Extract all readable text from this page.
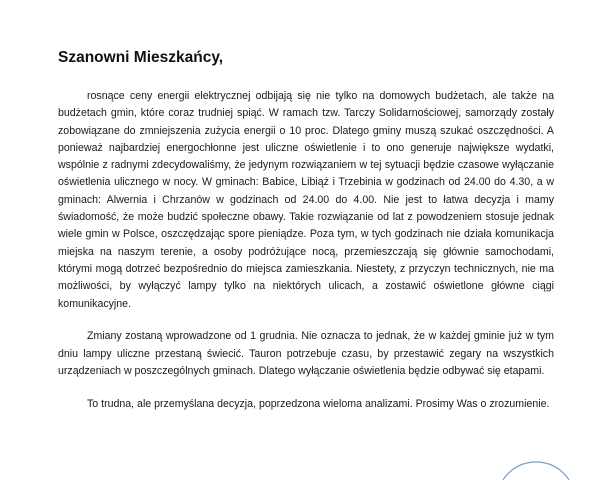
Szanowni Mieszkańcy,

rosnące ceny energii elektrycznej odbijają się nie tylko na domowych budżetach, ale także na budżetach gmin, które coraz trudniej spiąć. W ramach tzw. Tarczy Solidarnościowej, samorządy zostały zobowiązane do zmniejszenia zużycia energii o 10 proc. Dlatego gminy muszą szukać oszczędności. A ponieważ najbardziej energochłonne jest uliczne oświetlenie i to ono generuje największe wydatki, wspólnie z radnymi zdecydowaliśmy, że jedynym rozwiązaniem w tej sytuacji będzie czasowe wyłączanie oświetlenia ulicznego w nocy. W gminach: Babice, Libiąż i Trzebinia w godzinach od 24.00 do 4.30, a w gminach: Alwernia i Chrzanów w godzinach od 24.00 do 4.00. Nie jest to łatwa decyzja i mamy świadomość, że może budzić społeczne obawy. Takie rozwiązanie od lat z powodzeniem stosuje jednak wiele gmin w Polsce, oszczędzając spore pieniądze. Poza tym, w tych godzinach nie działa komunikacja miejska na naszym terenie, a osoby podróżujące nocą, przemieszczają się głównie samochodami, którymi mogą dotrzeć bezpośrednio do miejsca zamieszkania. Niestety, z przyczyn technicznych, nie ma możliwości, by wyłączyć lampy tylko na niektórych ulicach, a zostawić oświetlone główne ciągi komunikacyjne.

Zmiany zostaną wprowadzone od 1 grudnia. Nie oznacza to jednak, że w każdej gminie już w tym dniu lampy uliczne przestaną świecić. Tauron potrzebuje czasu, by przestawić zegary na wszystkich urządzeniach w poszczególnych gminach. Dlatego wyłączanie oświetlenia będzie odbywać się etapami.

To trudna, ale przemyślana decyzja, poprzedzona wieloma analizami. Prosimy Was o zrozumienie.
